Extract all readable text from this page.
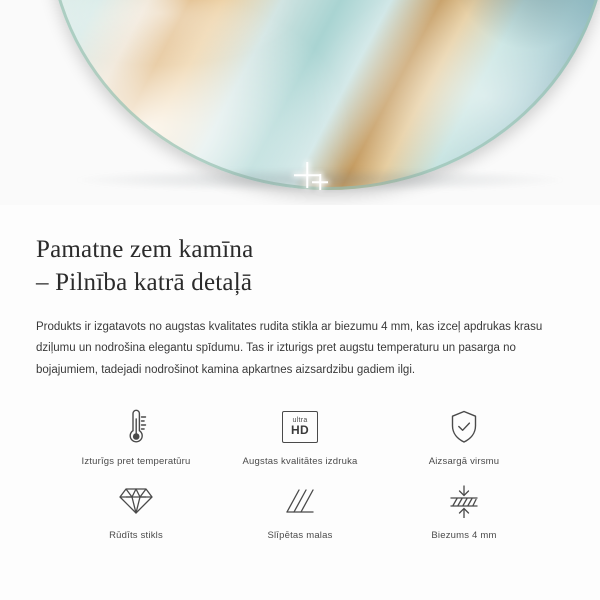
Pamatne zem kamīna
– Pilnība katrā detaļā

Produkts ir izgatavots no augstas kvalitates rudita stikla ar biezumu 4 mm, kas izceļ apdrukas krasu dziļumu un nodrošina elegantu spīdumu. Tas ir izturigs pret augstu temperaturu un pasarga no bojajumiem, tadejadi nodrošinot kamina apkartnes aizsardzibu gadiem ilgi.

Izturīgs pret temperatūru
ultra
HD
Augstas kvalitātes izdruka	Aizsargā virsmu
Rūdīts stikls	Slīpētas malas	Biezums 4 mm
